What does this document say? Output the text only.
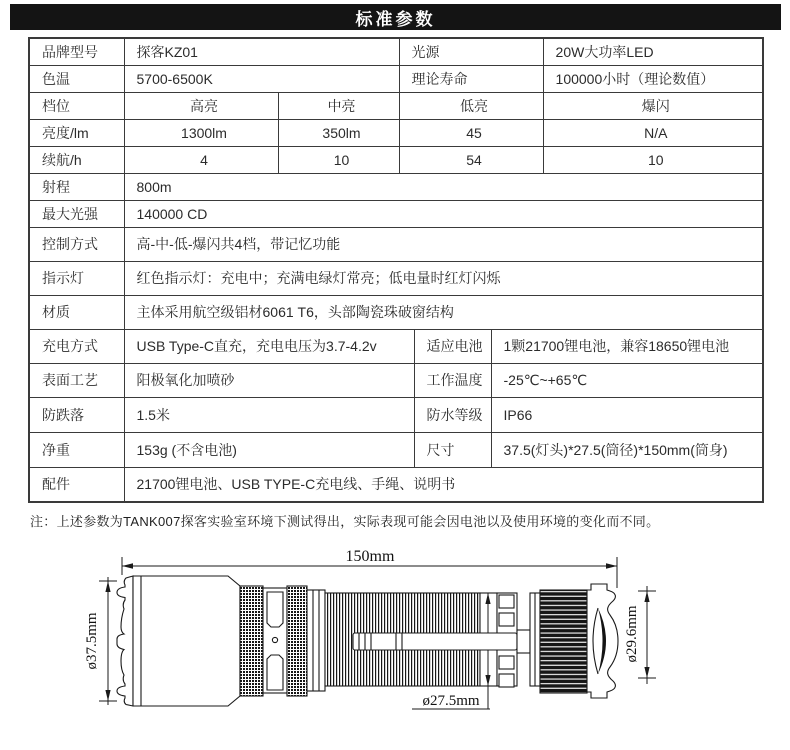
标准参数
品牌型号	探客KZ01		光源			20W大功率LED
色温	5700-6500K		理论寿命			100000小时（理论数值）
档位	高亮	中亮	低亮			爆闪
亮度/lm	1300lm	350lm	45			N/A
续航/h	4	10	54			10
射程	800m					
最大光强	140000 CD					
控制方式	高-中-低-爆闪共4档，带记忆功能					
指示灯	红色指示灯：充电中；充满电绿灯常亮；低电量时红灯闪烁					
材质	主体采用航空级铝材6061 T6，头部陶瓷珠破窗结构					
充电方式	USB Type-C直充，充电电压为3.7-4.2v			适应电池	1颗21700锂电池，兼容18650锂电池	
表面工艺	阳极氧化加喷砂			工作温度	-25℃~+65℃	
防跌落	1.5米			防水等级	IP66	
净重	153g (不含电池)			尺寸	37.5(灯头)*27.5(筒径)*150mm(筒身)	
配件	21700锂电池、USB TYPE-C充电线、手绳、说明书					
注：上述参数为TANK007探客实验室环境下测试得出，实际表现可能会因电池以及使用环境的变化而不同。
150mm
ø37.5mm
ø27.5mm
ø29.6mm
